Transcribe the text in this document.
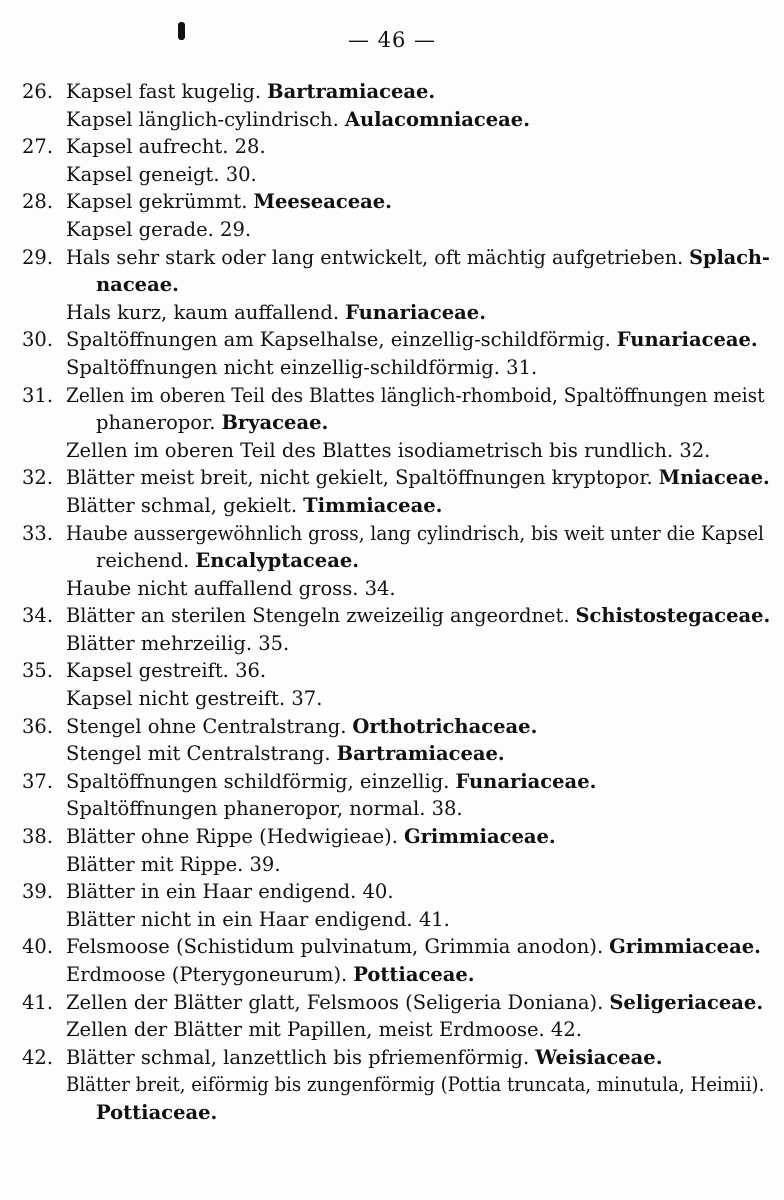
— 46 —
26. Kapsel fast kugelig. Bartramiaceae.
Kapsel länglich-cylindrisch. Aulacomniaceae.
27. Kapsel aufrecht. 28.
Kapsel geneigt. 30.
28. Kapsel gekrümmt. Meeseaceae.
Kapsel gerade. 29.
29. Hals sehr stark oder lang entwickelt, oft mächtig aufgetrieben. Splach-
naceae.
Hals kurz, kaum auffallend. Funariaceae.
30. Spaltöffnungen am Kapselhalse, einzellig-schildförmig. Funariaceae.
Spaltöffnungen nicht einzellig-schildförmig. 31.
31. Zellen im oberen Teil des Blattes länglich-rhomboid, Spaltöffnungen meist
phaneropor. Bryaceae.
Zellen im oberen Teil des Blattes isodiametrisch bis rundlich. 32.
32. Blätter meist breit, nicht gekielt, Spaltöffnungen kryptopor. Mniaceae.
Blätter schmal, gekielt. Timmiaceae.
33. Haube aussergewöhnlich gross, lang cylindrisch, bis weit unter die Kapsel
reichend. Encalyptaceae.
Haube nicht auffallend gross. 34.
34. Blätter an sterilen Stengeln zweizeilig angeordnet. Schistostegaceae.
Blätter mehrzeilig. 35.
35. Kapsel gestreift. 36.
Kapsel nicht gestreift. 37.
36. Stengel ohne Centralstrang. Orthotrichaceae.
Stengel mit Centralstrang. Bartramiaceae.
37. Spaltöffnungen schildförmig, einzellig. Funariaceae.
Spaltöffnungen phaneropor, normal. 38.
38. Blätter ohne Rippe (Hedwigieae). Grimmiaceae.
Blätter mit Rippe. 39.
39. Blätter in ein Haar endigend. 40.
Blätter nicht in ein Haar endigend. 41.
40. Felsmoose (Schistidum pulvinatum, Grimmia anodon). Grimmiaceae.
Erdmoose (Pterygoneurum). Pottiaceae.
41. Zellen der Blätter glatt, Felsmoos (Seligeria Doniana). Seligeriaceae.
Zellen der Blätter mit Papillen, meist Erdmoose. 42.
42. Blätter schmal, lanzettlich bis pfriemenförmig. Weisiaceae.
Blätter breit, eiförmig bis zungenförmig (Pottia truncata, minutula, Heimii).
Pottiaceae.
